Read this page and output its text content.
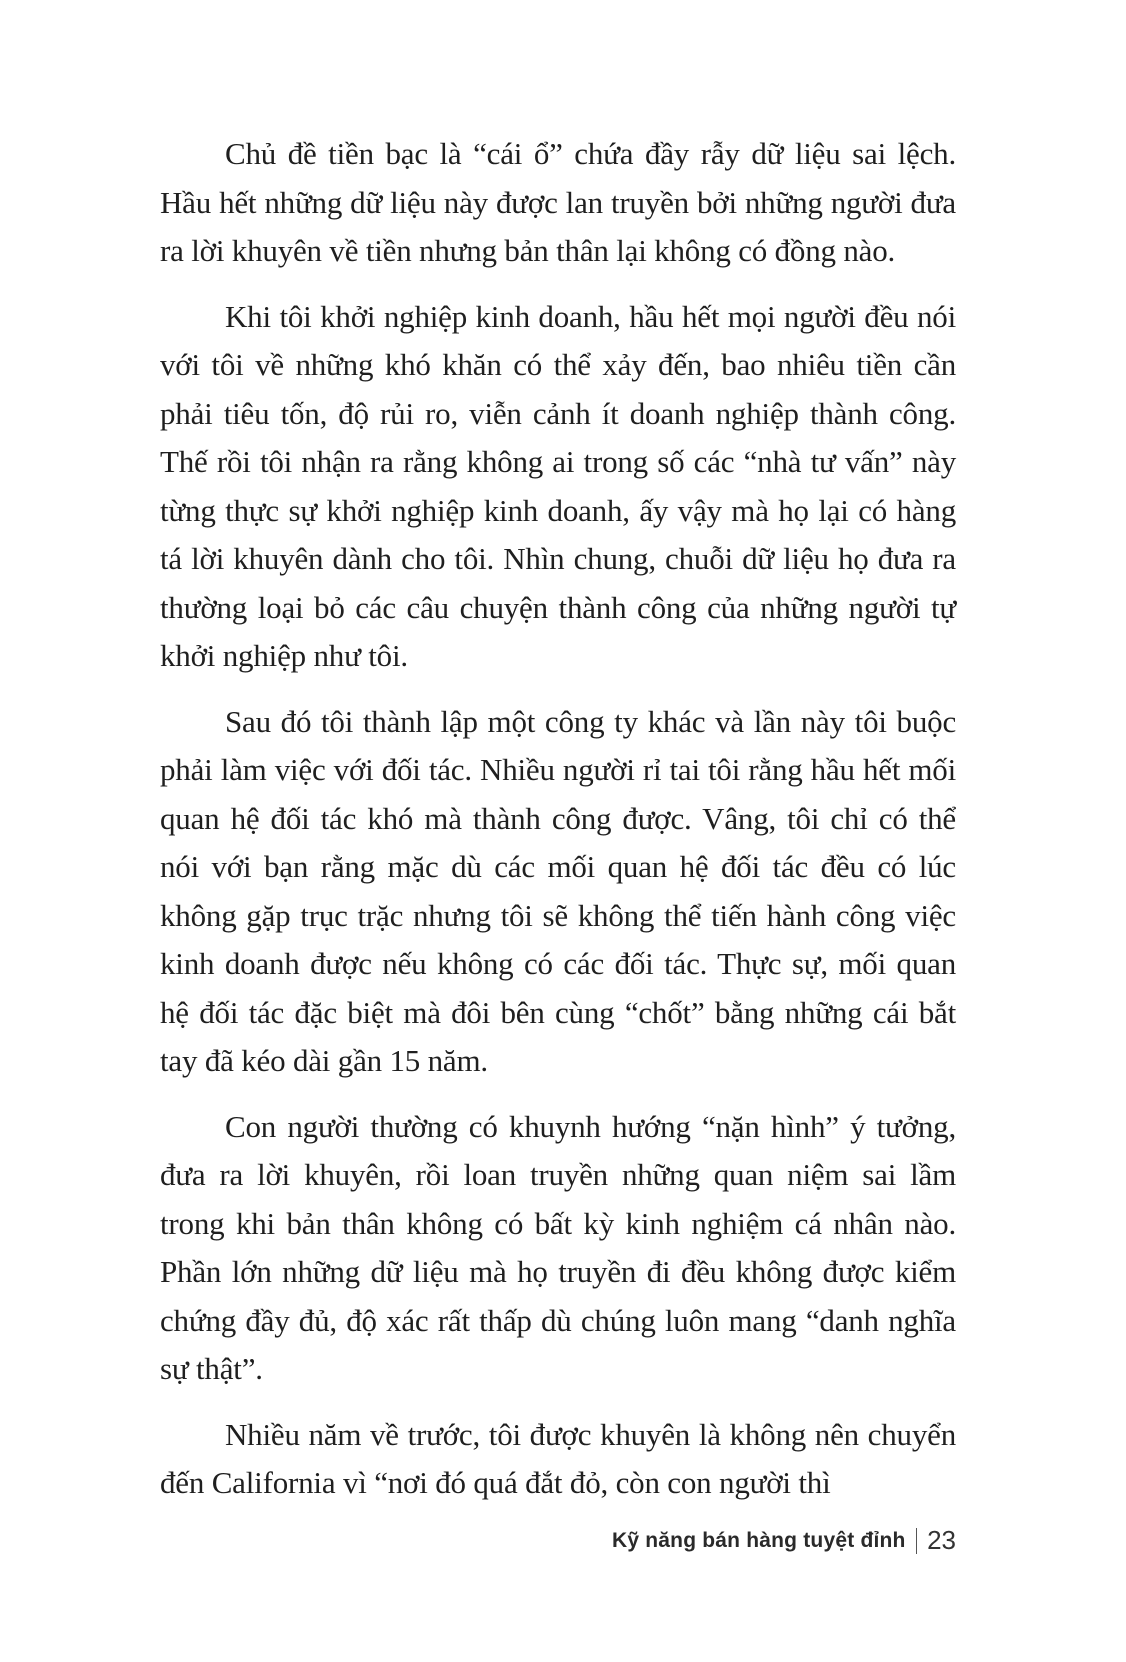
Chủ đề tiền bạc là “cái ổ” chứa đầy rẫy dữ liệu sai lệch. Hầu hết những dữ liệu này được lan truyền bởi những người đưa ra lời khuyên về tiền nhưng bản thân lại không có đồng nào.

Khi tôi khởi nghiệp kinh doanh, hầu hết mọi người đều nói với tôi về những khó khăn có thể xảy đến, bao nhiêu tiền cần phải tiêu tốn, độ rủi ro, viễn cảnh ít doanh nghiệp thành công. Thế rồi tôi nhận ra rằng không ai trong số các “nhà tư vấn” này từng thực sự khởi nghiệp kinh doanh, ấy vậy mà họ lại có hàng tá lời khuyên dành cho tôi. Nhìn chung, chuỗi dữ liệu họ đưa ra thường loại bỏ các câu chuyện thành công của những người tự khởi nghiệp như tôi.

Sau đó tôi thành lập một công ty khác và lần này tôi buộc phải làm việc với đối tác. Nhiều người rỉ tai tôi rằng hầu hết mối quan hệ đối tác khó mà thành công được. Vâng, tôi chỉ có thể nói với bạn rằng mặc dù các mối quan hệ đối tác đều có lúc không gặp trục trặc nhưng tôi sẽ không thể tiến hành công việc kinh doanh được nếu không có các đối tác. Thực sự, mối quan hệ đối tác đặc biệt mà đôi bên cùng “chốt” bằng những cái bắt tay đã kéo dài gần 15 năm.

Con người thường có khuynh hướng “nặn hình” ý tưởng, đưa ra lời khuyên, rồi loan truyền những quan niệm sai lầm trong khi bản thân không có bất kỳ kinh nghiệm cá nhân nào. Phần lớn những dữ liệu mà họ truyền đi đều không được kiểm chứng đầy đủ, độ xác rất thấp dù chúng luôn mang “danh nghĩa sự thật”.

Nhiều năm về trước, tôi được khuyên là không nên chuyển đến California vì “nơi đó quá đắt đỏ, còn con người thì

Kỹ năng bán hàng tuyệt đỉnh 23
